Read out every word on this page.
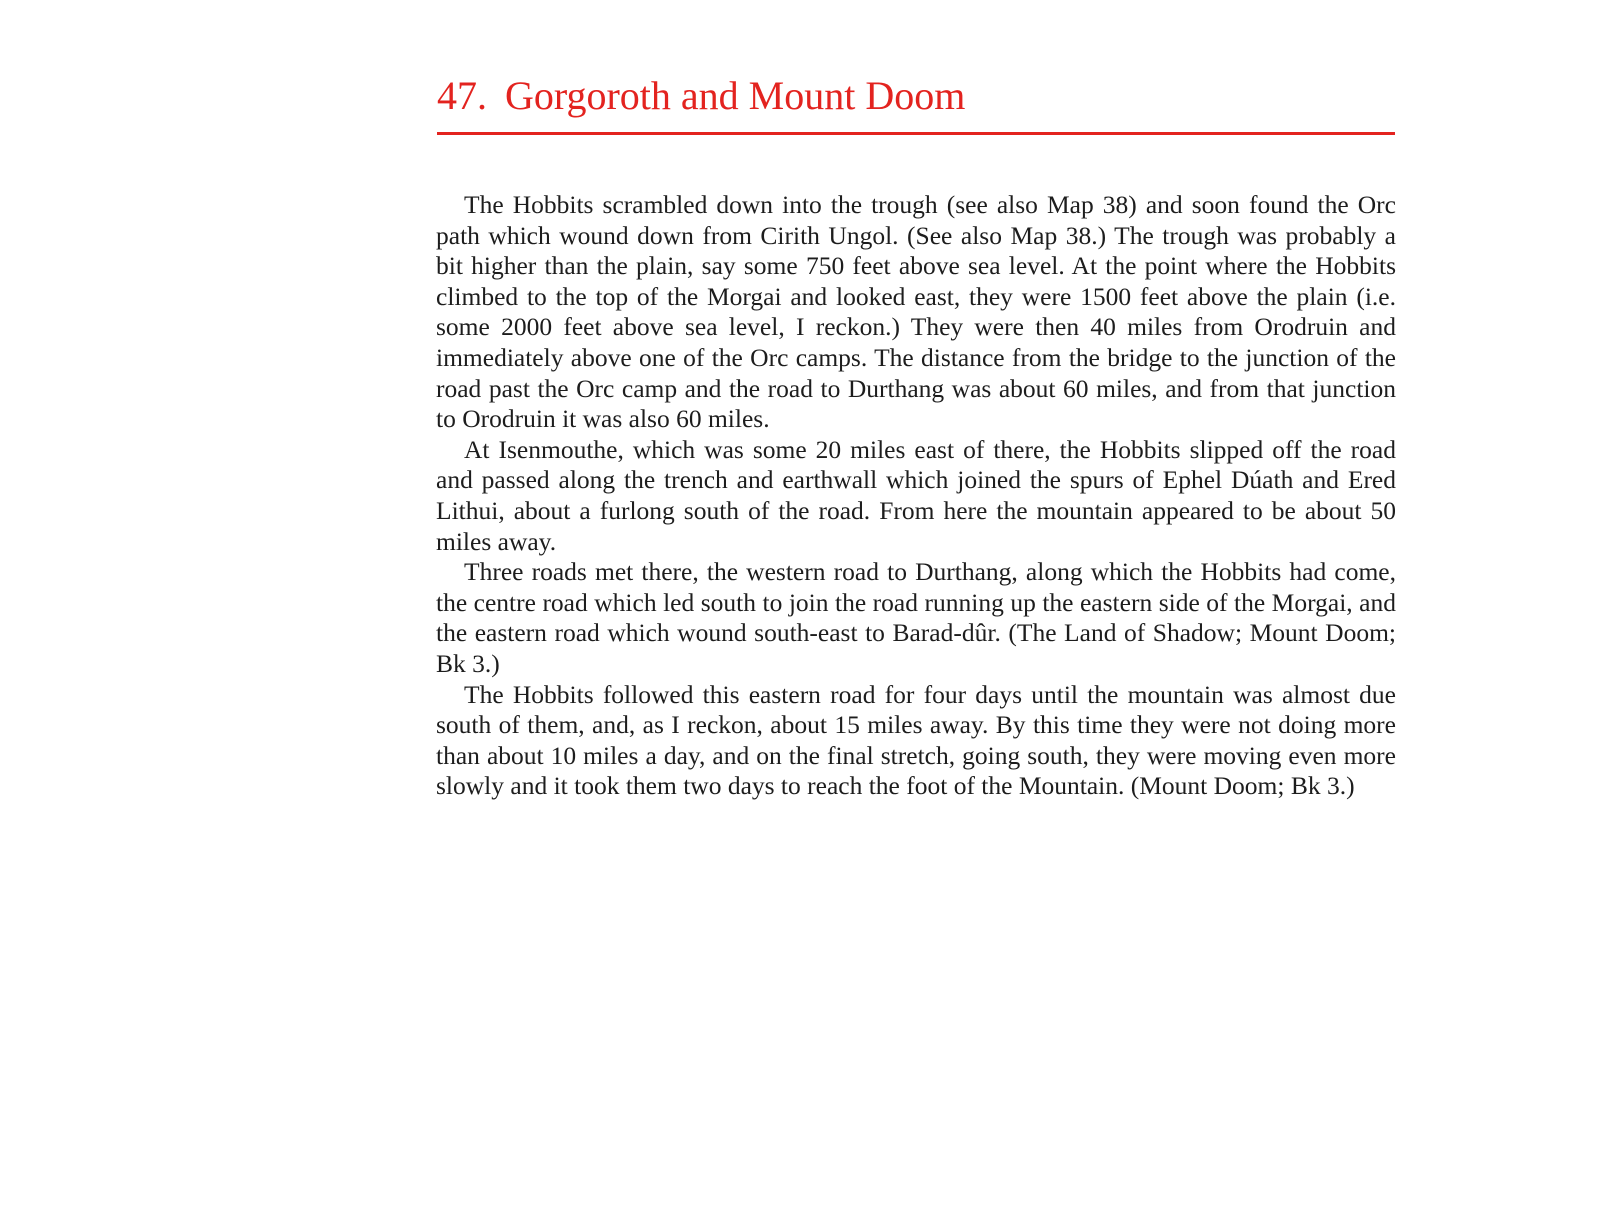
47. Gorgoroth and Mount Doom

The Hobbits scrambled down into the trough (see also Map 38) and soon found the Orc path which wound down from Cirith Ungol. (See also Map 38.) The trough was probably a bit higher than the plain, say some 750 feet above sea level. At the point where the Hobbits climbed to the top of the Morgai and looked east, they were 1500 feet above the plain (i.e. some 2000 feet above sea level, I reckon.) They were then 40 miles from Orodruin and immediately above one of the Orc camps. The distance from the bridge to the junction of the road past the Orc camp and the road to Durthang was about 60 miles, and from that junction to Orodruin it was also 60 miles.

At Isenmouthe, which was some 20 miles east of there, the Hobbits slipped off the road and passed along the trench and earthwall which joined the spurs of Ephel Dúath and Ered Lithui, about a furlong south of the road. From here the mountain appeared to be about 50 miles away.

Three roads met there, the western road to Durthang, along which the Hobbits had come, the centre road which led south to join the road running up the eastern side of the Morgai, and the eastern road which wound south-east to Barad-dûr. (The Land of Shadow; Mount Doom; Bk 3.)

The Hobbits followed this eastern road for four days until the mountain was almost due south of them, and, as I reckon, about 15 miles away. By this time they were not doing more than about 10 miles a day, and on the final stretch, going south, they were moving even more slowly and it took them two days to reach the foot of the Mountain. (Mount Doom; Bk 3.)
